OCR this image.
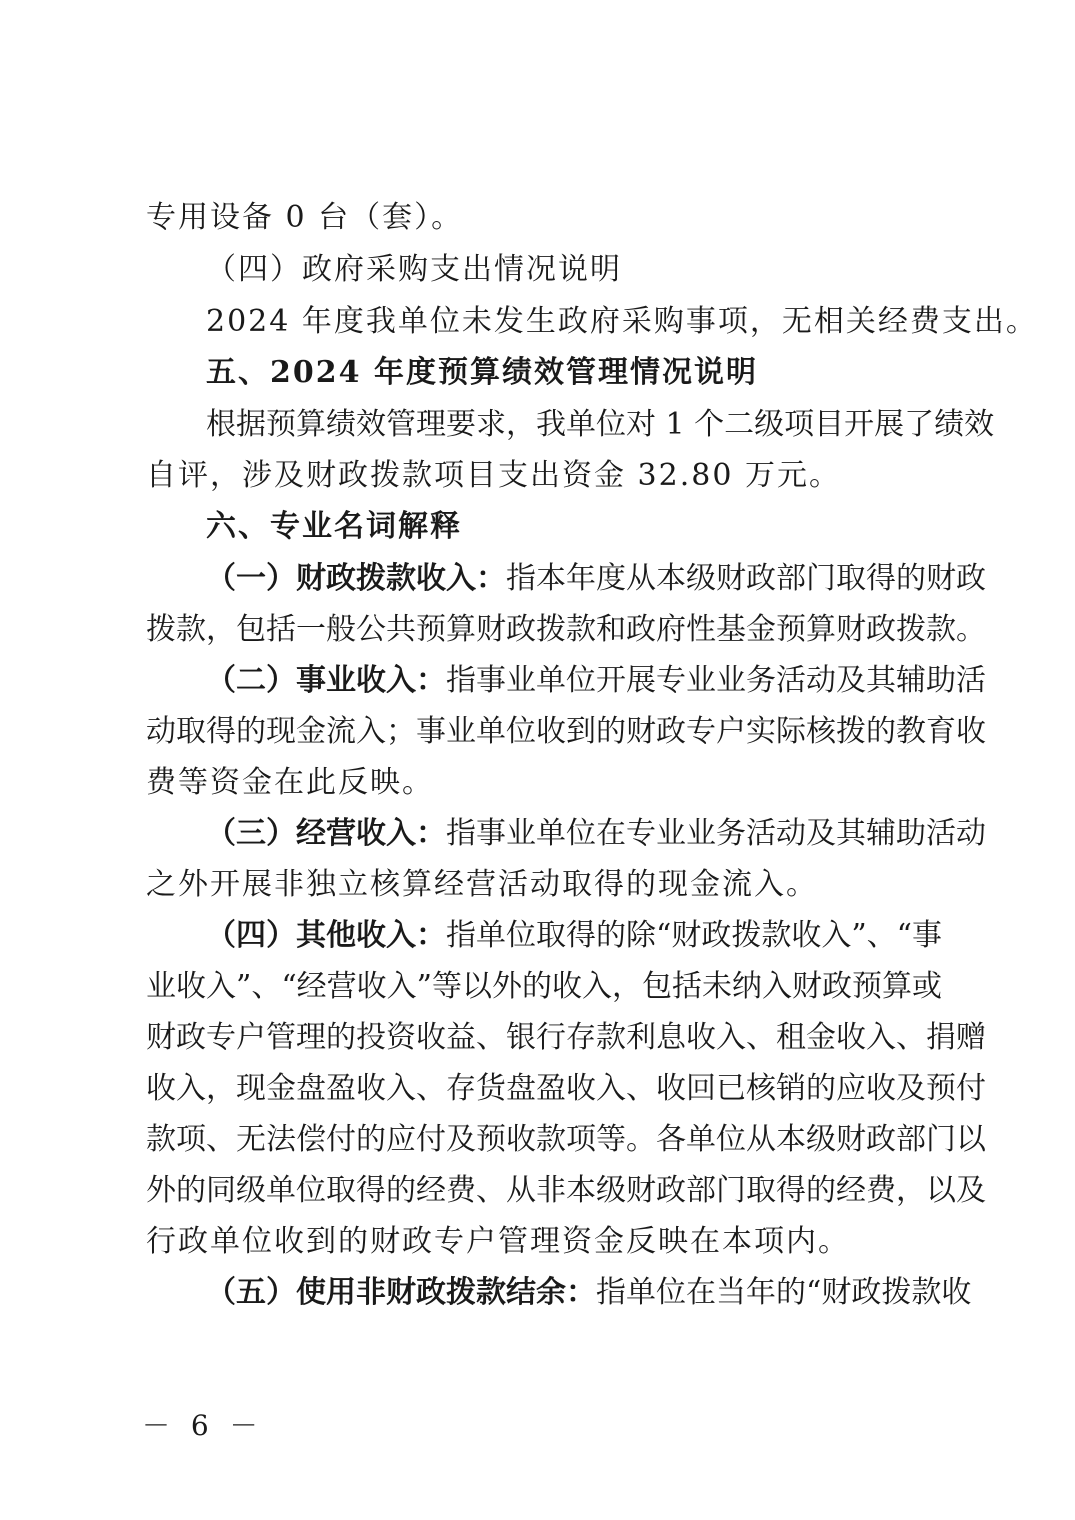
专用设备 0 台（套）。
（四）政府采购支出情况说明
2024 年度我单位未发生政府采购事项，无相关经费支出。
五、2024 年度预算绩效管理情况说明
根据预算绩效管理要求，我单位对 1 个二级项目开展了绩效
自评，涉及财政拨款项目支出资金 32.80 万元。
六、专业名词解释
（一）财政拨款收入：指本年度从本级财政部门取得的财政
拨款，包括一般公共预算财政拨款和政府性基金预算财政拨款。
（二）事业收入：指事业单位开展专业业务活动及其辅助活
动取得的现金流入；事业单位收到的财政专户实际核拨的教育收
费等资金在此反映。
（三）经营收入：指事业单位在专业业务活动及其辅助活动
之外开展非独立核算经营活动取得的现金流入。
（四）其他收入：指单位取得的除“财政拨款收入”、“事
业收入”、“经营收入”等以外的收入，包括未纳入财政预算或
财政专户管理的投资收益、银行存款利息收入、租金收入、捐赠
收入，现金盘盈收入、存货盘盈收入、收回已核销的应收及预付
款项、无法偿付的应付及预收款项等。各单位从本级财政部门以
外的同级单位取得的经费、从非本级财政部门取得的经费，以及
行政单位收到的财政专户管理资金反映在本项内。
（五）使用非财政拨款结余：指单位在当年的“财政拨款收
－ 6 －
